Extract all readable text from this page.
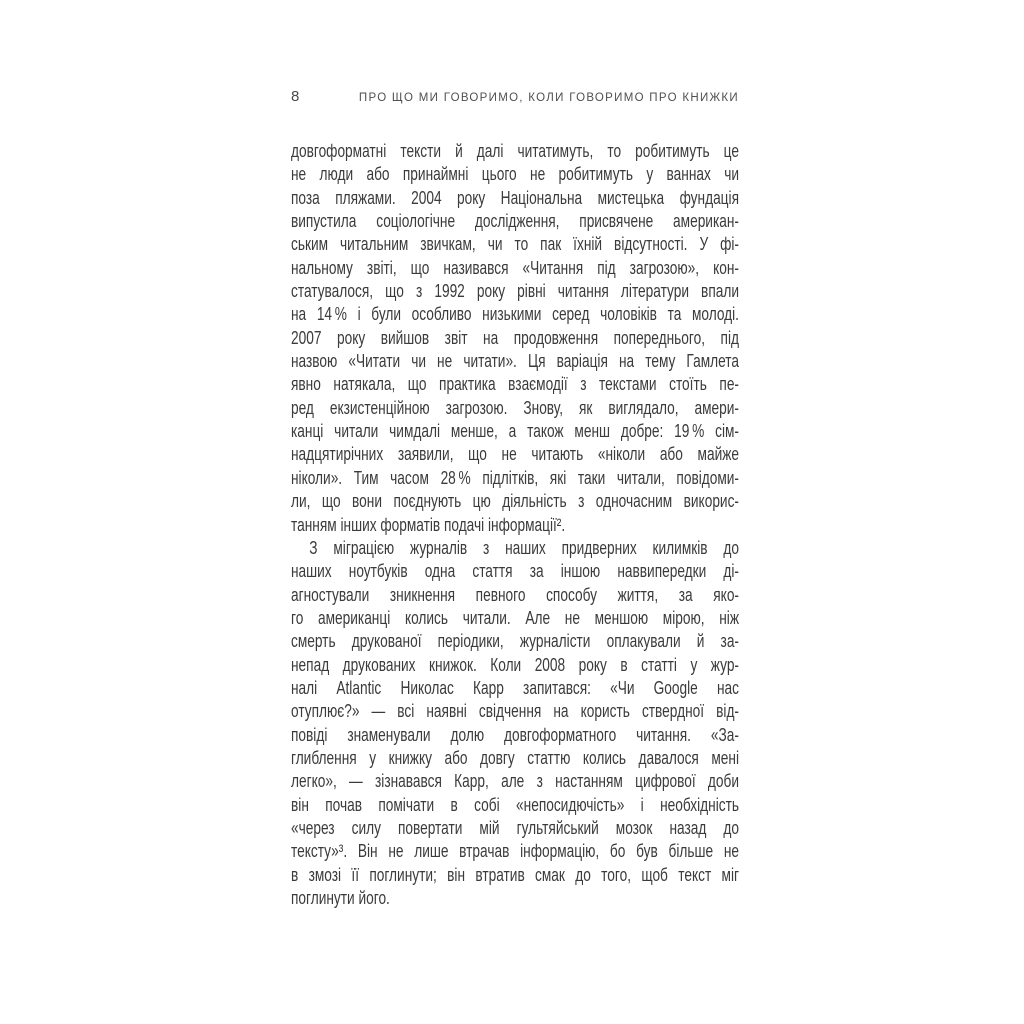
8	ПРО ЩО МИ ГОВОРИМО, КОЛИ ГОВОРИМО ПРО КНИЖКИ
довгоформатні тексти й далі читатимуть, то робитимуть це
не люди або принаймні цього не робитимуть у ваннах чи
поза пляжами. 2004 року Національна мистецька фундація
випустила соціологічне дослідження, присвячене американ-
ським читальним звичкам, чи то пак їхній відсутності. У фі-
нальному звіті, що називався «Читання під загрозою», кон-
статувалося, що з 1992 року рівні читання літератури впали
на 14 % і були особливо низькими серед чоловіків та молоді.
2007 року вийшов звіт на продовження попереднього, під
назвою «Читати чи не читати». Ця варіація на тему Гамлета
явно натякала, що практика взаємодії з текстами стоїть пе-
ред екзистенційною загрозою. Знову, як виглядало, амери-
канці читали чимдалі менше, а також менш добре: 19 % сім-
надцятирічних заявили, що не читають «ніколи або майже
ніколи». Тим часом 28 % підлітків, які таки читали, повідоми-
ли, що вони поєднують цю діяльність з одночасним викорис-
танням інших форматів подачі інформації².
З міграцією журналів з наших придверних килимків до
наших ноутбуків одна стаття за іншою наввипередки ді-
агностували зникнення певного способу життя, за яко-
го американці колись читали. Але не меншою мірою, ніж
смерть друкованої періодики, журналісти оплакували й за-
непад друкованих книжок. Коли 2008 року в статті у жур-
налі Atlantic Николас Карр запитався: «Чи Google нас
отуплює?» — всі наявні свідчення на користь ствердної від-
повіді знаменували долю довгоформатного читання. «За-
глиблення у книжку або довгу статтю колись давалося мені
легко», — зізнавався Карр, але з настанням цифрової доби
він почав помічати в собі «непосидючість» і необхідність
«через силу повертати мій гультяйський мозок назад до
тексту»³. Він не лише втрачав інформацію, бо був більше не
в змозі її поглинути; він втратив смак до того, щоб текст міг
поглинути його.
